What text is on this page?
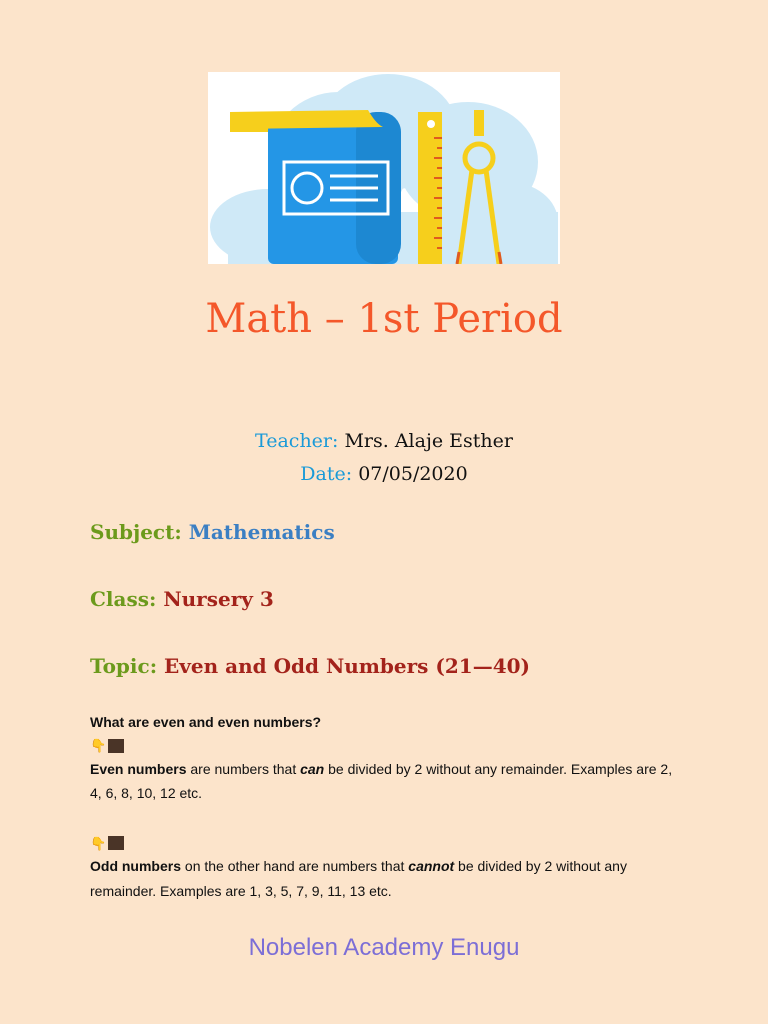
Math – 1st Period
Teacher: Mrs. Alaje Esther
Date: 07/05/2020
Subject: Mathematics
Class: Nursery 3
Topic: Even and Odd Numbers (21—40)
What are even and even numbers?
👇
Even numbers are numbers that can be divided by 2 without any remainder. Examples are 2, 4, 6, 8, 10, 12 etc.
👇
Odd numbers on the other hand are numbers that cannot be divided by 2 without any remainder. Examples are 1, 3, 5, 7, 9, 11, 13 etc.
Nobelen Academy Enugu
